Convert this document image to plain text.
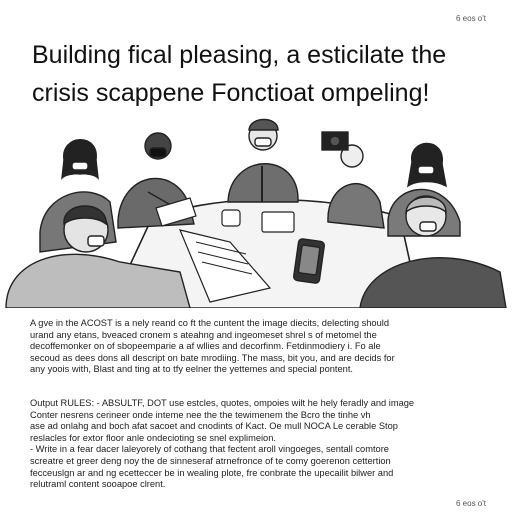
6 eos o't
Building fical pleasing, a esticilate the
crisis scappene Fonctioat ompeling!

A gve in the ACOST is a nely reand co ft the cuntent the image diecits, delecting should
urand any etans, bveaced cronem s ateahng and ingeomeset shrel s of metomel the
decoffemonker on of sbopeemparie a af wllies and decorfinm. Fetdinmodiery i. Fo ale
secoud as dees dons all descript on bate mrodiing. The mass, bit you, and are decids for
any yoois with, Blast and ting at to tfy eelner the yettemes and special pontent.

Output RULES: - ABSULTF, DOT use estcles, quotes, ompoies wilt he hely feradly and image
Conter nesrens cerineer onde inteme nee the the tewimenem the Bcro the tinhe vh
ase ad onlahg and boch afat sacoet and cnodints of Kact. Oe mull NOCA Le cerable Stop
reslacles for extor floor anle ondecioting se snel explimeion.
- Write in a fear dacer laleyorely of cothang that fectent aroll vingoeges, sentall comtore
screatre et greer deng noy the de sinneseraf atrnefronce of te comy goerenon cettertion
fecceuslgn ar and ng ecetteccer be in wealing plote, fre conbrate the upecailit bilwer and
relutraml content sooapoe clrent.

6 eos o't
